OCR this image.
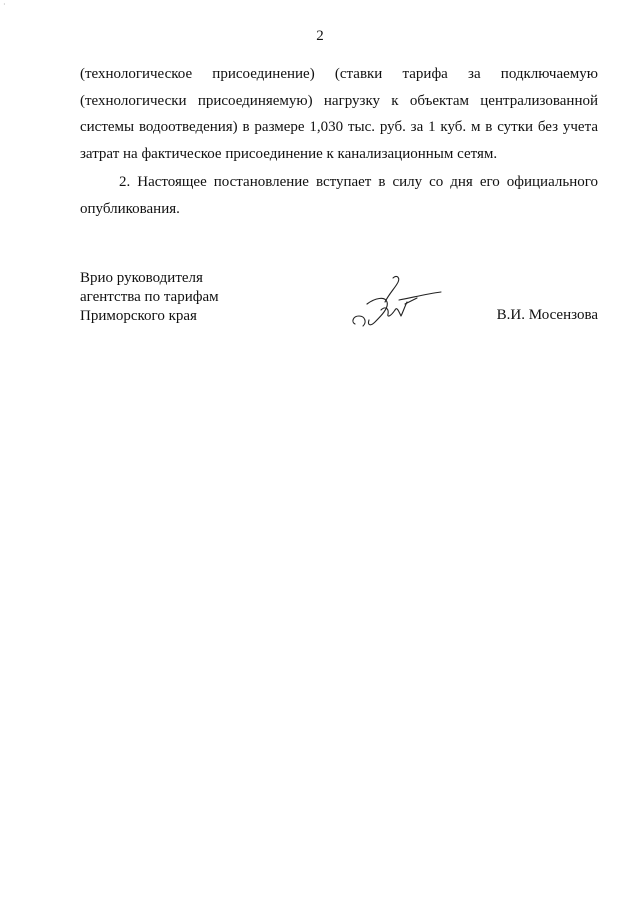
·
2
(технологическое присоединение) (ставки тарифа за подключаемую
(технологически присоединяемую) нагрузку к объектам централизованной
системы водоотведения) в размере 1,030 тыс. руб. за 1 куб. м в сутки без учета
затрат на фактическое присоединение к канализационным сетям.
2. Настоящее постановление вступает в силу со дня его официального
опубликования.
Врио руководителя
агентства по тарифам
Приморского края	В.И. Мосензова
